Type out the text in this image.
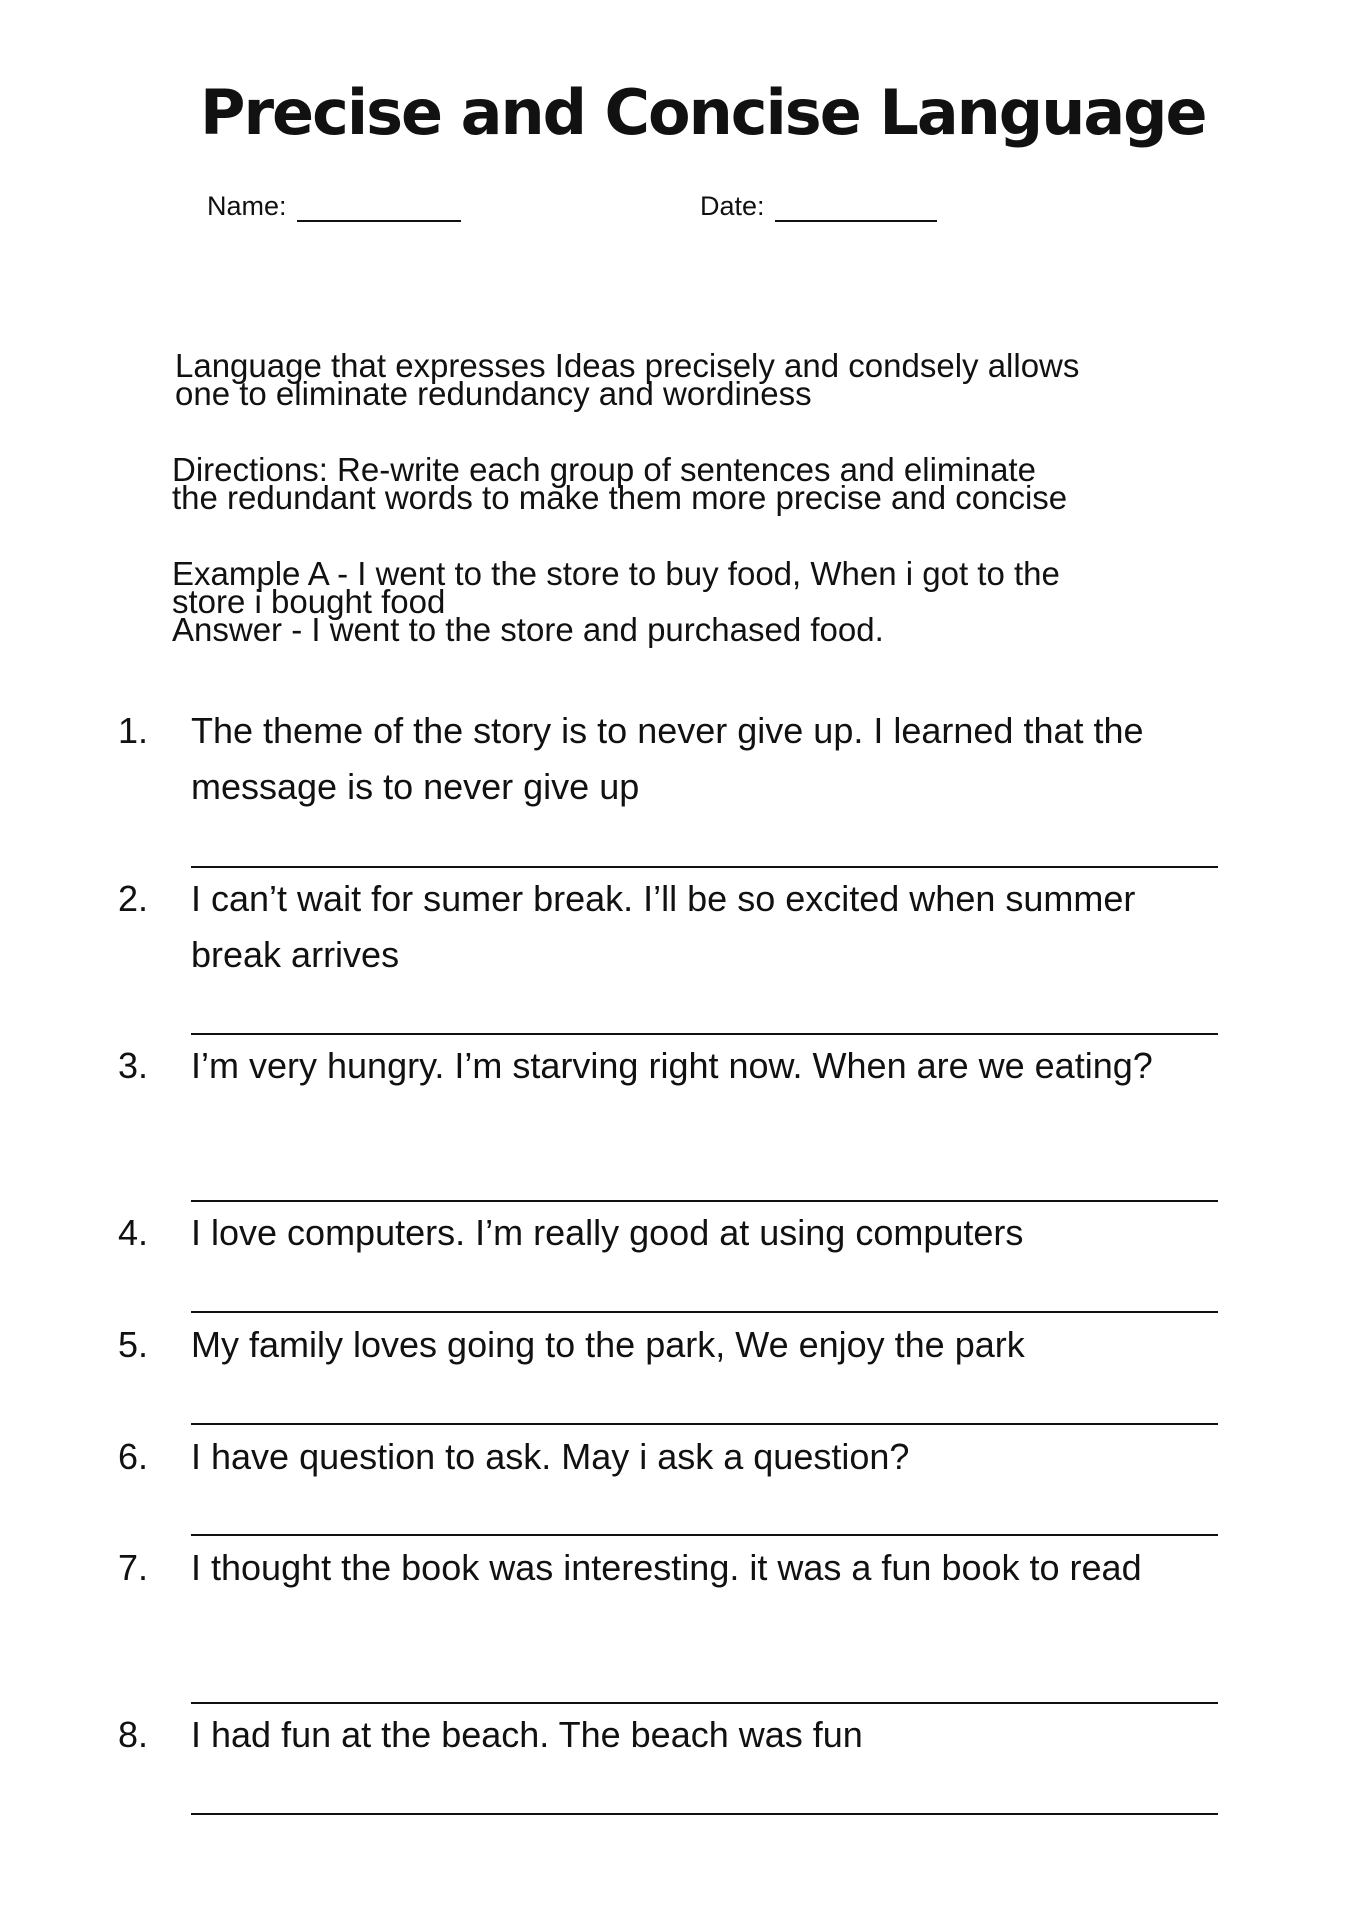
Precise and Concise Language
Name:	Date:
Language that expresses Ideas precisely and condsely allows
one to eliminate redundancy and wordiness
Directions: Re-write each group of sentences and eliminate
the redundant words to make them more precise and concise
Example A - I went to the store to buy food, When i got to the
store i bought food
Answer - I went to the store and purchased food.
1.	The theme of the story is to never give up. I learned that the message is to never give up
2.	I can’t wait for sumer break. I’ll be so excited when summer break arrives
3.	I’m very hungry. I’m starving right now. When are we eating?
4.	I love computers. I’m really good at using computers
5.	My family loves going to the park, We enjoy the park
6.	I have question to ask. May i ask a question?
7.	I thought the book was interesting. it was a fun book to read
8.	I had fun at the beach. The beach was fun
